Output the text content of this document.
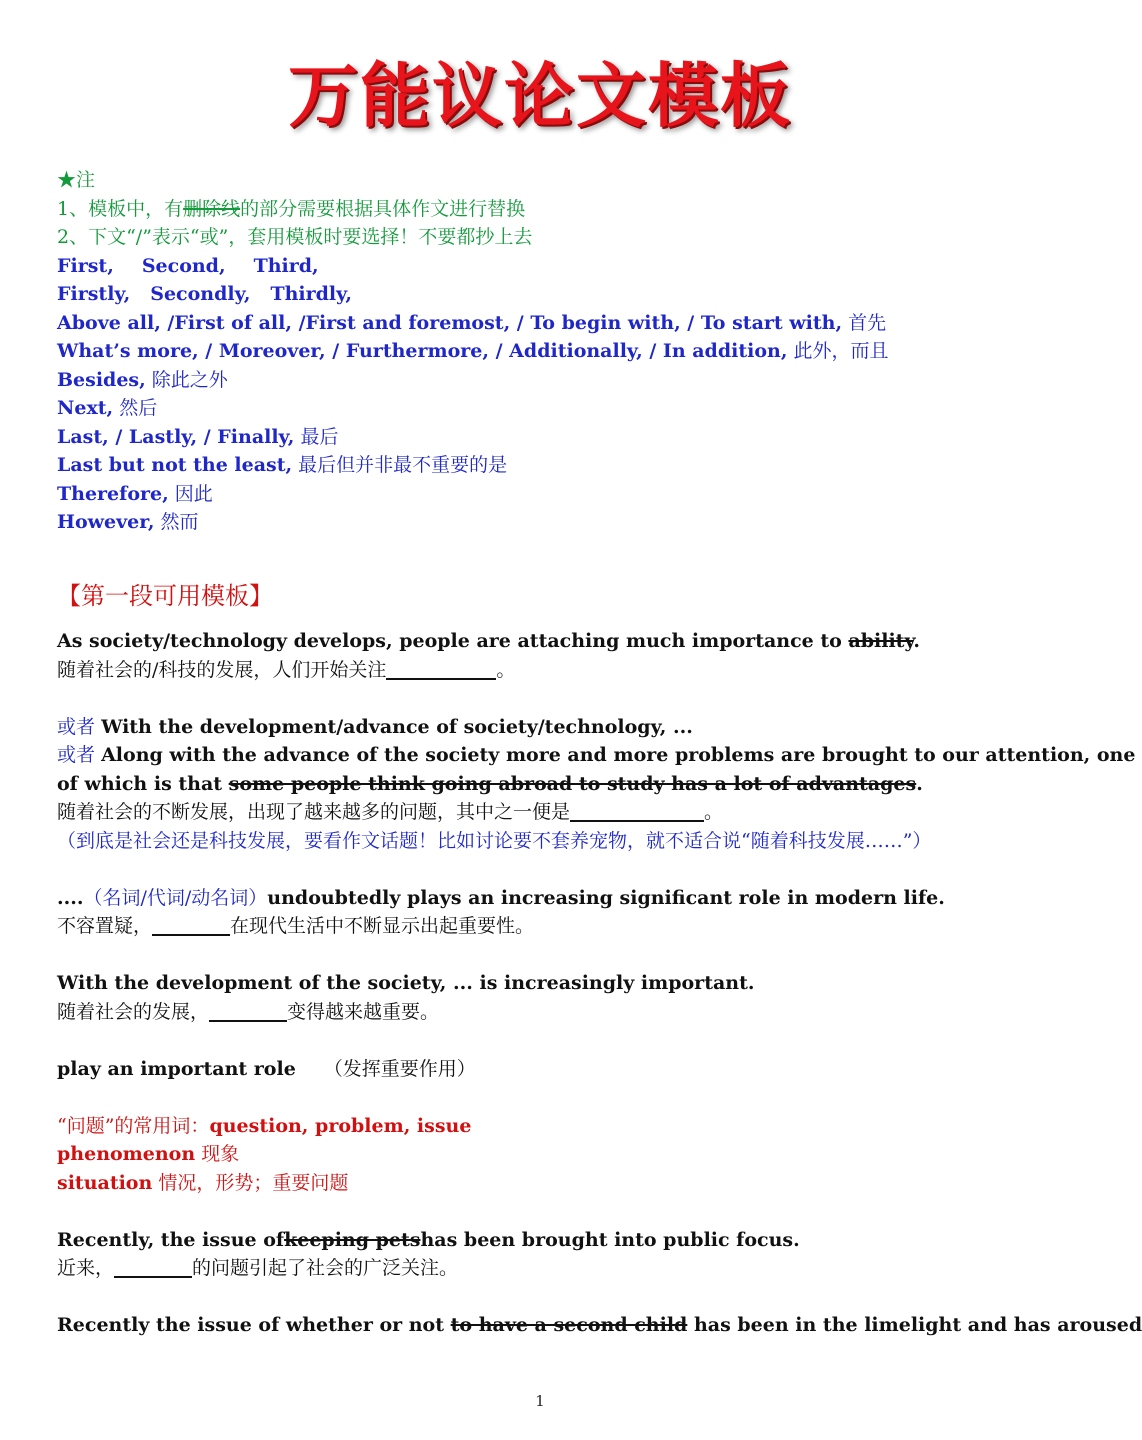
万能议论文模板
★注
1、模板中，有删除线的部分需要根据具体作文进行替换
2、下文“/”表示“或”，套用模板时要选择！不要都抄上去
First, Second, Third,
Firstly, Secondly, Thirdly,
Above all, /First of all, /First and foremost, / To begin with, / To start with, 首先
What’s more, / Moreover, / Furthermore, / Additionally, / In addition, 此外，而且
Besides, 除此之外
Next, 然后
Last, / Lastly, / Finally, 最后
Last but not the least, 最后但并非最不重要的是
Therefore, 因此
However, 然而
【第一段可用模板】
As society/technology develops, people are attaching much importance to ability.
随着社会的/科技的发展，人们开始关注	。
或者 With the development/advance of society/technology, ...
或者 Along with the advance of the society more and more problems are brought to our attention, one
of which is that some people think going abroad to study has a lot of advantages.
随着社会的不断发展，出现了越来越多的问题，其中之一便是	。
（到底是社会还是科技发展，要看作文话题！比如讨论要不套养宠物，就不适合说“随着科技发展……”）
....（名词/代词/动名词）undoubtedly plays an increasing significant role in modern life.
不容置疑，	在现代生活中不断显示出起重要性。
With the development of the society, ... is increasingly important.
随着社会的发展，	变得越来越重要。
play an important role （发挥重要作用）
“问题”的常用词：question, problem, issue
phenomenon 现象
situation 情况，形势；重要问题
Recently, the issue ofkeeping petshas been brought into public focus.
近来，	的问题引起了社会的广泛关注。
Recently the issue of whether or not to have a second child has been in the limelight and has aroused
1
